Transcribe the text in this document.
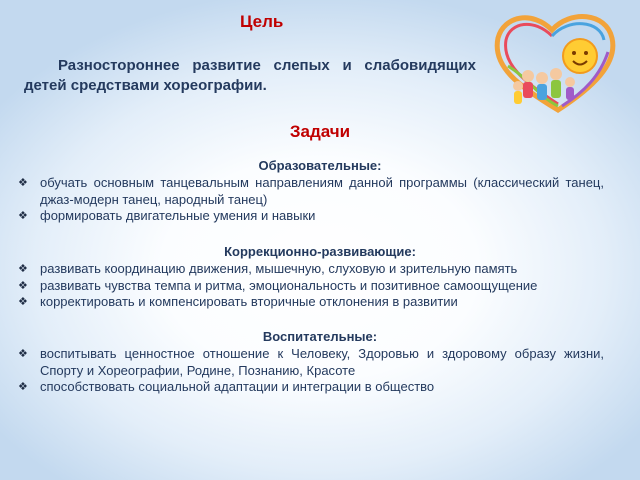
Цель

Разностороннее развитие слепых и слабовидящих детей средствами хореографии.

Задачи
Образовательные:
❖ обучать основным танцевальным направлениям данной программы (классический танец, джаз-модерн танец, народный танец)
❖ формировать двигательные умения и навыки
Коррекционно-развивающие:
❖ развивать координацию движения, мышечную, слуховую и зрительную память
❖ развивать чувства темпа и ритма, эмоциональность и позитивное самоощущение
❖ корректировать и компенсировать вторичные отклонения в развитии
Воспитательные:
❖ воспитывать ценностное отношение к Человеку, Здоровью и здоровому образу жизни, Спорту и Хореографии, Родине, Познанию, Красоте
❖ способствовать социальной адаптации и интеграции в общество
